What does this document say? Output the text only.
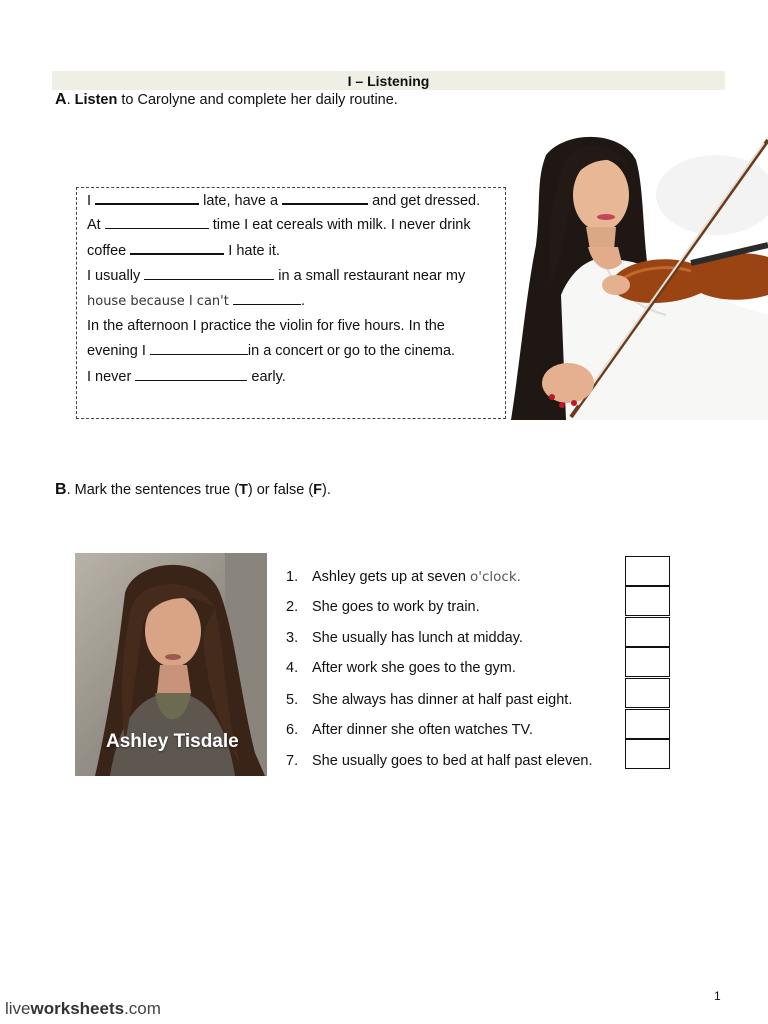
I – Listening
A. Listen to Carolyne and complete her daily routine.
I	late, have a	and get dressed.
At	time I eat cereals with milk. I never drink
coffee	I hate it.
I usually	in a small restaurant near my
house because I can't	.
In the afternoon I practice the violin for five hours. In the
evening I	in a concert or go to the cinema.
I never	early.
B. Mark the sentences true (T) or false (F).
Ashley Tisdale
1. Ashley gets up at seven o'clock.
2. She goes to work by train.
3. She usually has lunch at midday.
4. After work she goes to the gym.
5. She always has dinner at half past eight.
6. After dinner she often watches TV.
7. She usually goes to bed at half past eleven.
liveworksheets.com
1
